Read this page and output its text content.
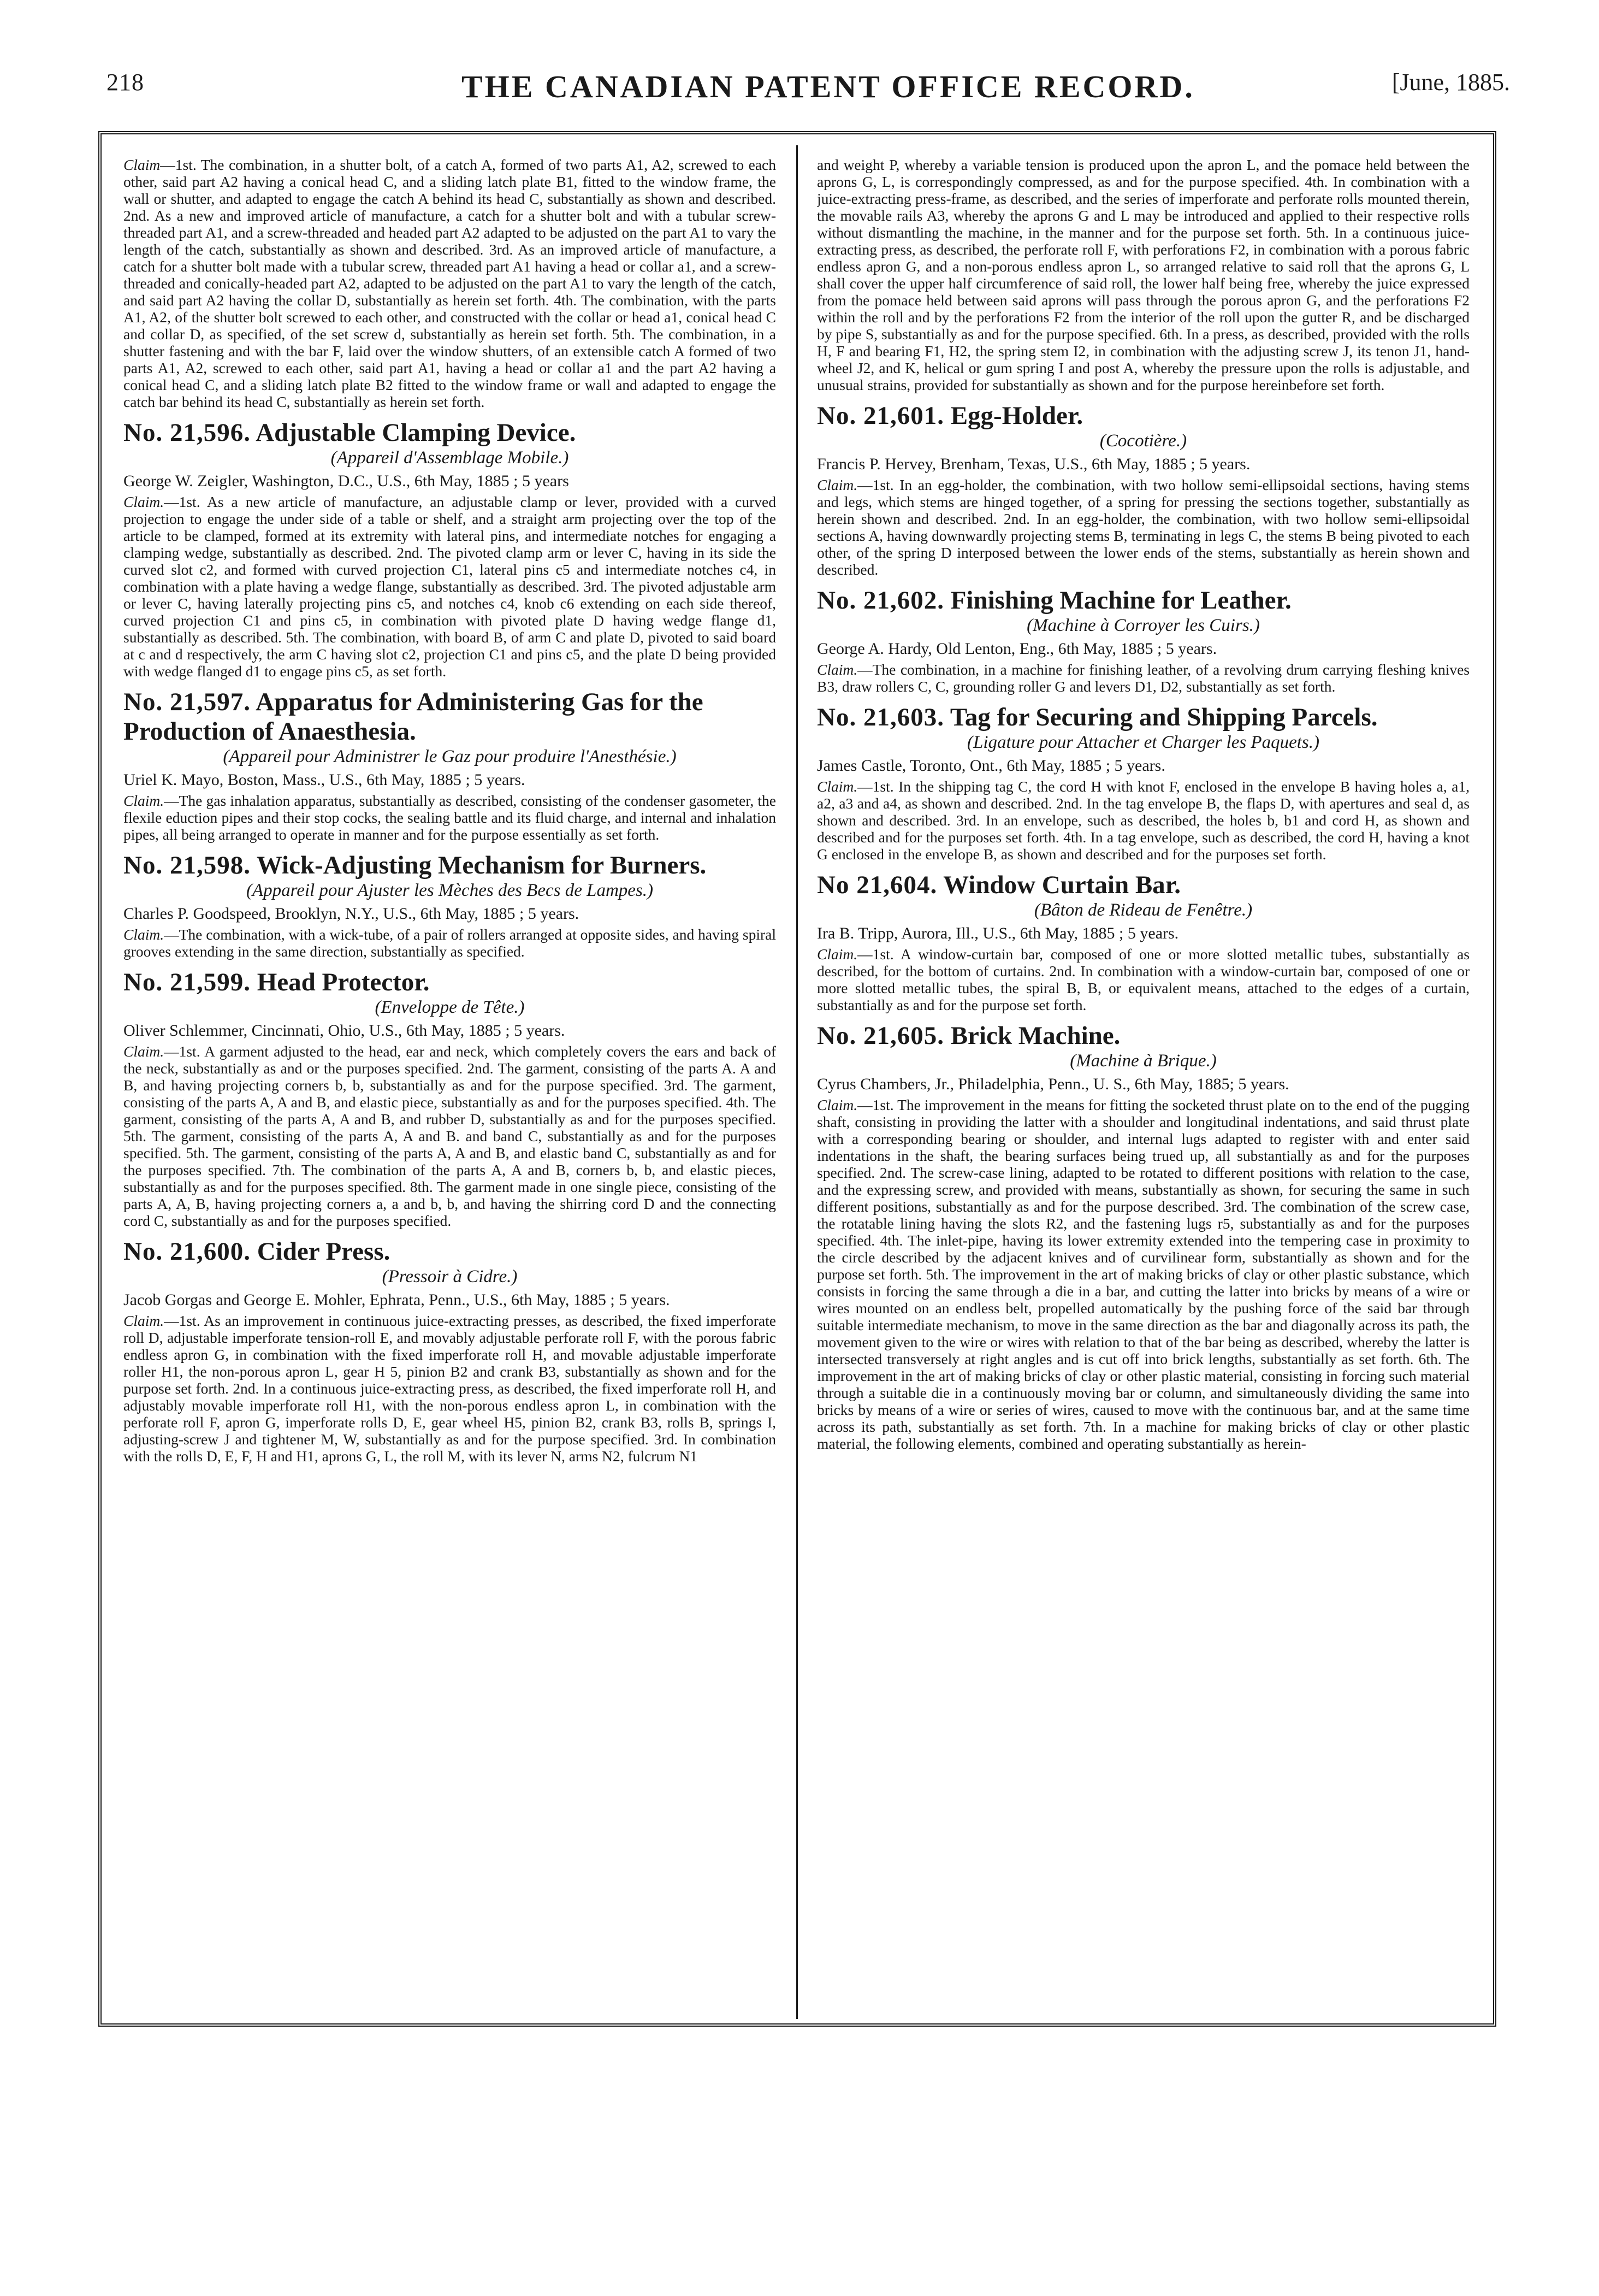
218	THE CANADIAN PATENT OFFICE RECORD.	[June, 1885.

Claim—1st. The combination, in a shutter bolt, of a catch A, formed of two parts A1, A2, screwed to each other, said part A2 having a conical head C, and a sliding latch plate B1, fitted to the window frame, the wall or shutter, and adapted to engage the catch A behind its head C, substantially as shown and described. 2nd. As a new and improved article of manufacture, a catch for a shutter bolt and with a tubular screw-threaded part A1, and a screw-threaded and headed part A2 adapted to be adjusted on the part A1 to vary the length of the catch, substantially as shown and described. 3rd. As an improved article of manufacture, a catch for a shutter bolt made with a tubular screw, threaded part A1 having a head or collar a1, and a screw-threaded and conically-headed part A2, adapted to be adjusted on the part A1 to vary the length of the catch, and said part A2 having the collar D, substantially as herein set forth. 4th. The combination, with the parts A1, A2, of the shutter bolt screwed to each other, and constructed with the collar or head a1, conical head C and collar D, as specified, of the set screw d, substantially as herein set forth. 5th. The combination, in a shutter fastening and with the bar F, laid over the window shutters, of an extensible catch A formed of two parts A1, A2, screwed to each other, said part A1, having a head or collar a1 and the part A2 having a conical head C, and a sliding latch plate B2 fitted to the window frame or wall and adapted to engage the catch bar behind its head C, substantially as herein set forth.

No. 21,596. Adjustable Clamping Device.

(Appareil d'Assemblage Mobile.)

George W. Zeigler, Washington, D.C., U.S., 6th May, 1885 ; 5 years

Claim.—1st. As a new article of manufacture, an adjustable clamp or lever, provided with a curved projection to engage the under side of a table or shelf, and a straight arm projecting over the top of the article to be clamped, formed at its extremity with lateral pins, and intermediate notches for engaging a clamping wedge, substantially as described. 2nd. The pivoted clamp arm or lever C, having in its side the curved slot c2, and formed with curved projection C1, lateral pins c5 and intermediate notches c4, in combination with a plate having a wedge flange, substantially as described. 3rd. The pivoted adjustable arm or lever C, having laterally projecting pins c5, and notches c4, knob c6 extending on each side thereof, curved projection C1 and pins c5, in combination with pivoted plate D having wedge flange d1, substantially as described. 5th. The combination, with board B, of arm C and plate D, pivoted to said board at c and d respectively, the arm C having slot c2, projection C1 and pins c5, and the plate D being provided with wedge flanged d1 to engage pins c5, as set forth.

No. 21,597. Apparatus for Administering Gas for the Production of Anaesthesia.

(Appareil pour Administrer le Gaz pour produire l'Anesthésie.)

Uriel K. Mayo, Boston, Mass., U.S., 6th May, 1885 ; 5 years.

Claim.—The gas inhalation apparatus, substantially as described, consisting of the condenser gasometer, the flexile eduction pipes and their stop cocks, the sealing battle and its fluid charge, and internal and inhalation pipes, all being arranged to operate in manner and for the purpose essentially as set forth.

No. 21,598. Wick-Adjusting Mechanism for Burners.

(Appareil pour Ajuster les Mèches des Becs de Lampes.)

Charles P. Goodspeed, Brooklyn, N.Y., U.S., 6th May, 1885 ; 5 years.

Claim.—The combination, with a wick-tube, of a pair of rollers arranged at opposite sides, and having spiral grooves extending in the same direction, substantially as specified.

No. 21,599. Head Protector.

(Enveloppe de Tête.)

Oliver Schlemmer, Cincinnati, Ohio, U.S., 6th May, 1885 ; 5 years.

Claim.—1st. A garment adjusted to the head, ear and neck, which completely covers the ears and back of the neck, substantially as and or the purposes specified. 2nd. The garment, consisting of the parts A. A and B, and having projecting corners b, b, substantially as and for the purpose specified. 3rd. The garment, consisting of the parts A, A and B, and elastic piece, substantially as and for the purposes specified. 4th. The garment, consisting of the parts A, A and B, and rubber D, substantially as and for the purposes specified. 5th. The garment, consisting of the parts A, A and B. and band C, substantially as and for the purposes specified. 5th. The garment, consisting of the parts A, A and B, and elastic band C, substantially as and for the purposes specified. 7th. The combination of the parts A, A and B, corners b, b, and elastic pieces, substantially as and for the purposes specified. 8th. The garment made in one single piece, consisting of the parts A, A, B, having projecting corners a, a and b, b, and having the shirring cord D and the connecting cord C, substantially as and for the purposes specified.

No. 21,600. Cider Press.

(Pressoir à Cidre.)

Jacob Gorgas and George E. Mohler, Ephrata, Penn., U.S., 6th May, 1885 ; 5 years.

Claim.—1st. As an improvement in continuous juice-extracting presses, as described, the fixed imperforate roll D, adjustable imperforate tension-roll E, and movably adjustable perforate roll F, with the porous fabric endless apron G, in combination with the fixed imperforate roll H, and movable adjustable imperforate roller H1, the non-porous apron L, gear H 5, pinion B2 and crank B3, substantially as shown and for the purpose set forth. 2nd. In a continuous juice-extracting press, as described, the fixed imperforate roll H, and adjustably movable imperforate roll H1, with the non-porous endless apron L, in combination with the perforate roll F, apron G, imperforate rolls D, E, gear wheel H5, pinion B2, crank B3, rolls B, springs I, adjusting-screw J and tightener M, W, substantially as and for the purpose specified. 3rd. In combination with the rolls D, E, F, H and H1, aprons G, L, the roll M, with its lever N, arms N2, fulcrum N1

and weight P, whereby a variable tension is produced upon the apron L, and the pomace held between the aprons G, L, is correspondingly compressed, as and for the purpose specified. 4th. In combination with a juice-extracting press-frame, as described, and the series of imperforate and perforate rolls mounted therein, the movable rails A3, whereby the aprons G and L may be introduced and applied to their respective rolls without dismantling the machine, in the manner and for the purpose set forth. 5th. In a continuous juice-extracting press, as described, the perforate roll F, with perforations F2, in combination with a porous fabric endless apron G, and a non-porous endless apron L, so arranged relative to said roll that the aprons G, L shall cover the upper half circumference of said roll, the lower half being free, whereby the juice expressed from the pomace held between said aprons will pass through the porous apron G, and the perforations F2 within the roll and by the perforations F2 from the interior of the roll upon the gutter R, and be discharged by pipe S, substantially as and for the purpose specified. 6th. In a press, as described, provided with the rolls H, F and bearing F1, H2, the spring stem I2, in combination with the adjusting screw J, its tenon J1, hand-wheel J2, and K, helical or gum spring I and post A, whereby the pressure upon the rolls is adjustable, and unusual strains, provided for substantially as shown and for the purpose hereinbefore set forth.

No. 21,601. Egg-Holder.

(Cocotière.)

Francis P. Hervey, Brenham, Texas, U.S., 6th May, 1885 ; 5 years.

Claim.—1st. In an egg-holder, the combination, with two hollow semi-ellipsoidal sections, having stems and legs, which stems are hinged together, of a spring for pressing the sections together, substantially as herein shown and described. 2nd. In an egg-holder, the combination, with two hollow semi-ellipsoidal sections A, having downwardly projecting stems B, terminating in legs C, the stems B being pivoted to each other, of the spring D interposed between the lower ends of the stems, substantially as herein shown and described.

No. 21,602. Finishing Machine for Leather.

(Machine à Corroyer les Cuirs.)

George A. Hardy, Old Lenton, Eng., 6th May, 1885 ; 5 years.

Claim.—The combination, in a machine for finishing leather, of a revolving drum carrying fleshing knives B3, draw rollers C, C, grounding roller G and levers D1, D2, substantially as set forth.

No. 21,603. Tag for Securing and Shipping Parcels.

(Ligature pour Attacher et Charger les Paquets.)

James Castle, Toronto, Ont., 6th May, 1885 ; 5 years.

Claim.—1st. In the shipping tag C, the cord H with knot F, enclosed in the envelope B having holes a, a1, a2, a3 and a4, as shown and described. 2nd. In the tag envelope B, the flaps D, with apertures and seal d, as shown and described. 3rd. In an envelope, such as described, the holes b, b1 and cord H, as shown and described and for the purposes set forth. 4th. In a tag envelope, such as described, the cord H, having a knot G enclosed in the envelope B, as shown and described and for the purposes set forth.

No 21,604. Window Curtain Bar.

(Bâton de Rideau de Fenêtre.)

Ira B. Tripp, Aurora, Ill., U.S., 6th May, 1885 ; 5 years.

Claim.—1st. A window-curtain bar, composed of one or more slotted metallic tubes, substantially as described, for the bottom of curtains. 2nd. In combination with a window-curtain bar, composed of one or more slotted metallic tubes, the spiral B, B, or equivalent means, attached to the edges of a curtain, substantially as and for the purpose set forth.

No. 21,605. Brick Machine.

(Machine à Brique.)

Cyrus Chambers, Jr., Philadelphia, Penn., U. S., 6th May, 1885; 5 years.

Claim.—1st. The improvement in the means for fitting the socketed thrust plate on to the end of the pugging shaft, consisting in providing the latter with a shoulder and longitudinal indentations, and said thrust plate with a corresponding bearing or shoulder, and internal lugs adapted to register with and enter said indentations in the shaft, the bearing surfaces being trued up, all substantially as and for the purposes specified. 2nd. The screw-case lining, adapted to be rotated to different positions with relation to the case, and the expressing screw, and provided with means, substantially as shown, for securing the same in such different positions, substantially as and for the purpose described. 3rd. The combination of the screw case, the rotatable lining having the slots R2, and the fastening lugs r5, substantially as and for the purposes specified. 4th. The inlet-pipe, having its lower extremity extended into the tempering case in proximity to the circle described by the adjacent knives and of curvilinear form, substantially as shown and for the purpose set forth. 5th. The improvement in the art of making bricks of clay or other plastic substance, which consists in forcing the same through a die in a bar, and cutting the latter into bricks by means of a wire or wires mounted on an endless belt, propelled automatically by the pushing force of the said bar through suitable intermediate mechanism, to move in the same direction as the bar and diagonally across its path, the movement given to the wire or wires with relation to that of the bar being as described, whereby the latter is intersected transversely at right angles and is cut off into brick lengths, substantially as set forth. 6th. The improvement in the art of making bricks of clay or other plastic material, consisting in forcing such material through a suitable die in a continuously moving bar or column, and simultaneously dividing the same into bricks by means of a wire or series of wires, caused to move with the continuous bar, and at the same time across its path, substantially as set forth. 7th. In a machine for making bricks of clay or other plastic material, the following elements, combined and operating substantially as herein-
